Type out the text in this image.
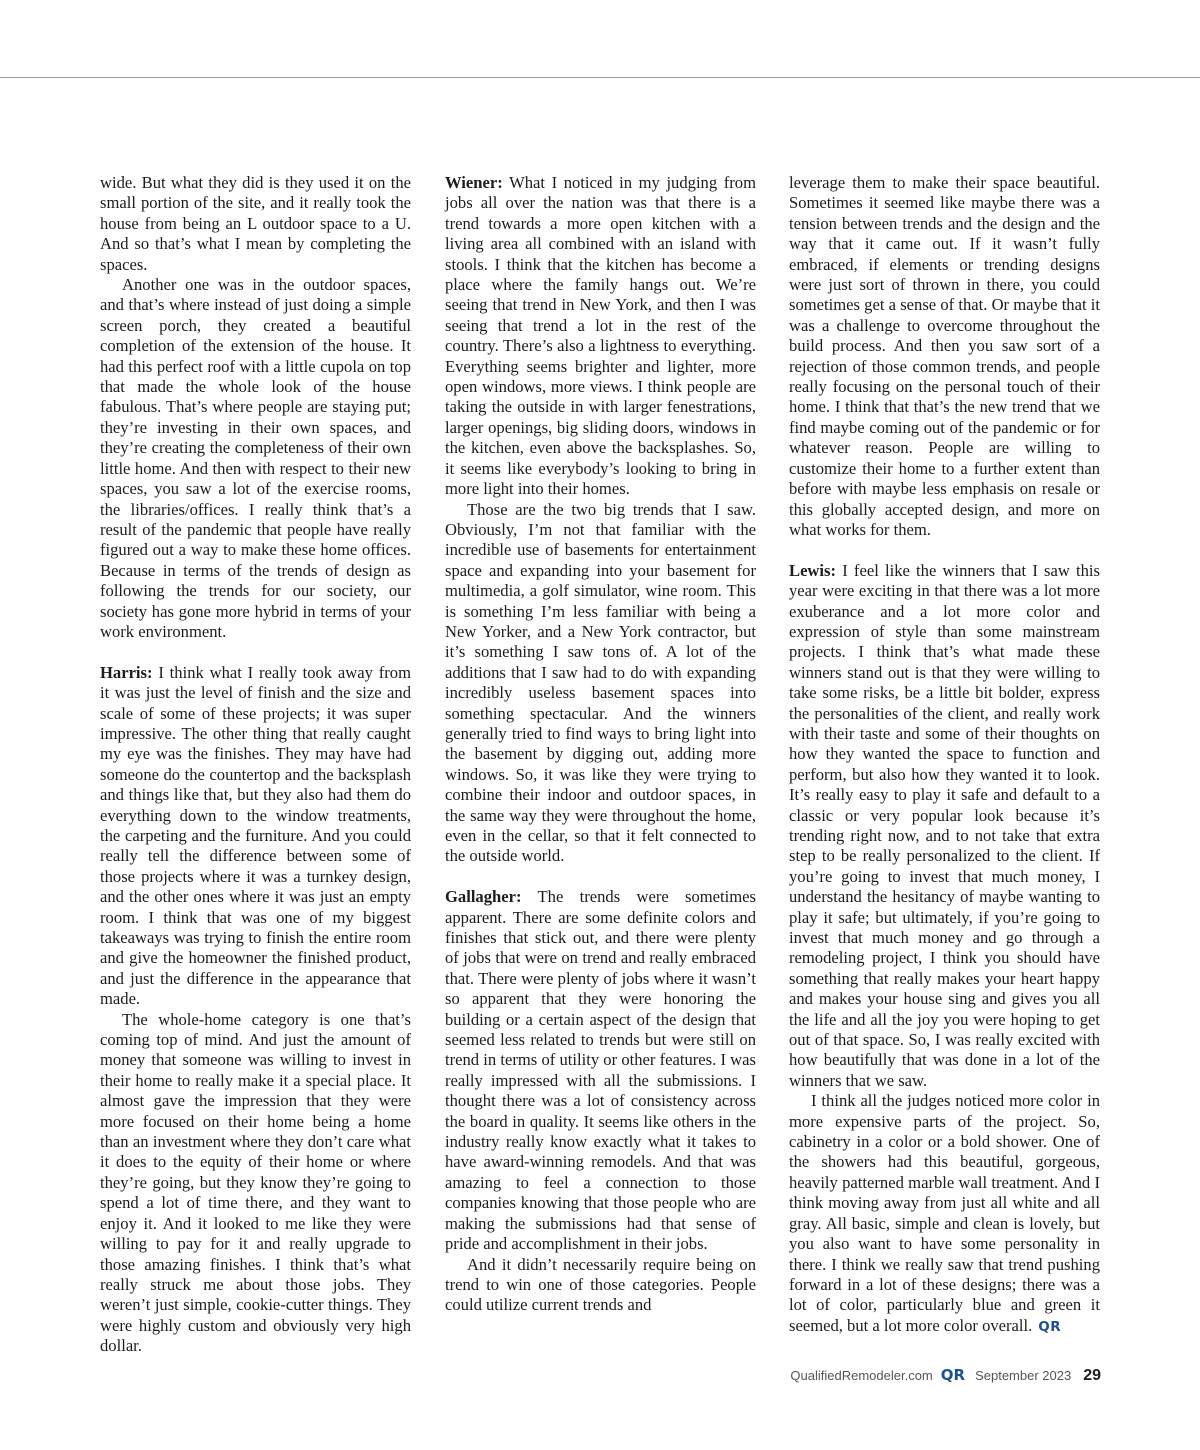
wide. But what they did is they used it on the small portion of the site, and it really took the house from being an L outdoor space to a U. And so that’s what I mean by completing the spaces.

Another one was in the outdoor spaces, and that’s where instead of just doing a simple screen porch, they created a beautiful completion of the extension of the house. It had this perfect roof with a little cupola on top that made the whole look of the house fabulous. That’s where people are staying put; they’re investing in their own spaces, and they’re creating the completeness of their own little home. And then with respect to their new spaces, you saw a lot of the exercise rooms, the libraries/offices. I really think that’s a result of the pandemic that people have really figured out a way to make these home offices. Because in terms of the trends of design as following the trends for our society, our society has gone more hybrid in terms of your work environment.

Harris: I think what I really took away from it was just the level of finish and the size and scale of some of these projects; it was super impressive. The other thing that really caught my eye was the finishes. They may have had someone do the countertop and the backsplash and things like that, but they also had them do everything down to the window treatments, the carpeting and the furniture. And you could really tell the difference between some of those projects where it was a turnkey design, and the other ones where it was just an empty room. I think that was one of my biggest takeaways was trying to finish the entire room and give the homeowner the finished product, and just the difference in the appearance that made.

The whole-home category is one that’s coming top of mind. And just the amount of money that someone was willing to invest in their home to really make it a special place. It almost gave the impression that they were more focused on their home being a home than an investment where they don’t care what it does to the equity of their home or where they’re going, but they know they’re going to spend a lot of time there, and they want to enjoy it. And it looked to me like they were willing to pay for it and really upgrade to those amazing finishes. I think that’s what really struck me about those jobs. They weren’t just simple, cookie-cutter things. They were highly custom and obviously very high dollar.

Wiener: What I noticed in my judging from jobs all over the nation was that there is a trend towards a more open kitchen with a living area all combined with an island with stools. I think that the kitchen has become a place where the family hangs out. We’re seeing that trend in New York, and then I was seeing that trend a lot in the rest of the country. There’s also a lightness to everything. Everything seems brighter and lighter, more open windows, more views. I think people are taking the outside in with larger fenestrations, larger openings, big sliding doors, windows in the kitchen, even above the backsplashes. So, it seems like everybody’s looking to bring in more light into their homes.

Those are the two big trends that I saw. Obviously, I’m not that familiar with the incredible use of basements for entertainment space and expanding into your basement for multimedia, a golf simulator, wine room. This is something I’m less familiar with being a New Yorker, and a New York contractor, but it’s something I saw tons of. A lot of the additions that I saw had to do with expanding incredibly useless basement spaces into something spectacular. And the winners generally tried to find ways to bring light into the basement by digging out, adding more windows. So, it was like they were trying to combine their indoor and outdoor spaces, in the same way they were throughout the home, even in the cellar, so that it felt connected to the outside world.

Gallagher: The trends were sometimes apparent. There are some definite colors and finishes that stick out, and there were plenty of jobs that were on trend and really embraced that. There were plenty of jobs where it wasn’t so apparent that they were honoring the building or a certain aspect of the design that seemed less related to trends but were still on trend in terms of utility or other features. I was really impressed with all the submissions. I thought there was a lot of consistency across the board in quality. It seems like others in the industry really know exactly what it takes to have award-winning remodels. And that was amazing to feel a connection to those companies knowing that those people who are making the submissions had that sense of pride and accomplishment in their jobs.

And it didn’t necessarily require being on trend to win one of those categories. People could utilize current trends and

leverage them to make their space beautiful. Sometimes it seemed like maybe there was a tension between trends and the design and the way that it came out. If it wasn’t fully embraced, if elements or trending designs were just sort of thrown in there, you could sometimes get a sense of that. Or maybe that it was a challenge to overcome throughout the build process. And then you saw sort of a rejection of those common trends, and people really focusing on the personal touch of their home. I think that that’s the new trend that we find maybe coming out of the pandemic or for whatever reason. People are willing to customize their home to a further extent than before with maybe less emphasis on resale or this globally accepted design, and more on what works for them.

Lewis: I feel like the winners that I saw this year were exciting in that there was a lot more exuberance and a lot more color and expression of style than some mainstream projects. I think that’s what made these winners stand out is that they were willing to take some risks, be a little bit bolder, express the personalities of the client, and really work with their taste and some of their thoughts on how they wanted the space to function and perform, but also how they wanted it to look. It’s really easy to play it safe and default to a classic or very popular look because it’s trending right now, and to not take that extra step to be really personalized to the client. If you’re going to invest that much money, I understand the hesitancy of maybe wanting to play it safe; but ultimately, if you’re going to invest that much money and go through a remodeling project, I think you should have something that really makes your heart happy and makes your house sing and gives you all the life and all the joy you were hoping to get out of that space. So, I was really excited with how beautifully that was done in a lot of the winners that we saw.

I think all the judges noticed more color in more expensive parts of the project. So, cabinetry in a color or a bold shower. One of the showers had this beautiful, gorgeous, heavily patterned marble wall treatment. And I think moving away from just all white and all gray. All basic, simple and clean is lovely, but you also want to have some personality in there. I think we really saw that trend pushing forward in a lot of these designs; there was a lot of color, particularly blue and green it seemed, but a lot more color overall. QR

QualifiedRemodeler.com QR September 2023 29
